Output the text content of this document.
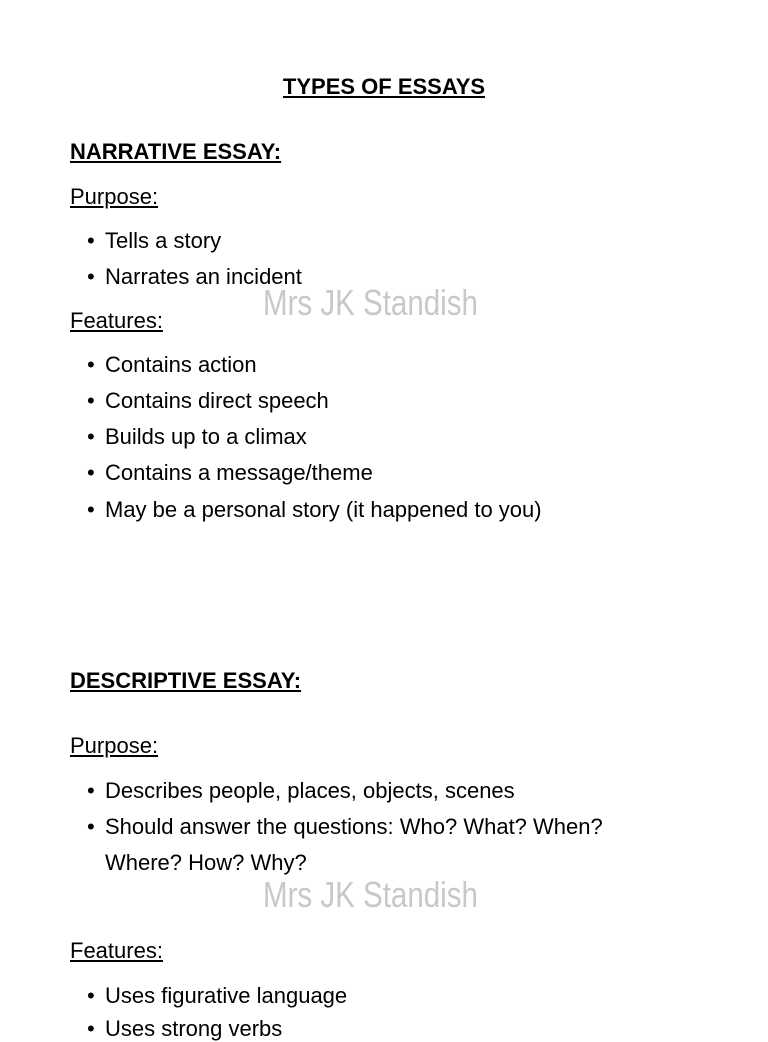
TYPES OF ESSAYS
NARRATIVE ESSAY:
Purpose:
• Tells a story
• Narrates an incident
Mrs JK Standish
Features:
• Contains action
• Contains direct speech
• Builds up to a climax
• Contains a message/theme
• May be a personal story (it happened to you)
DESCRIPTIVE ESSAY:
Purpose:
• Describes people, places, objects, scenes
• Should answer the questions: Who? What? When?
Where? How? Why?
Mrs JK Standish
Features:
• Uses figurative language
• Uses strong verbs
